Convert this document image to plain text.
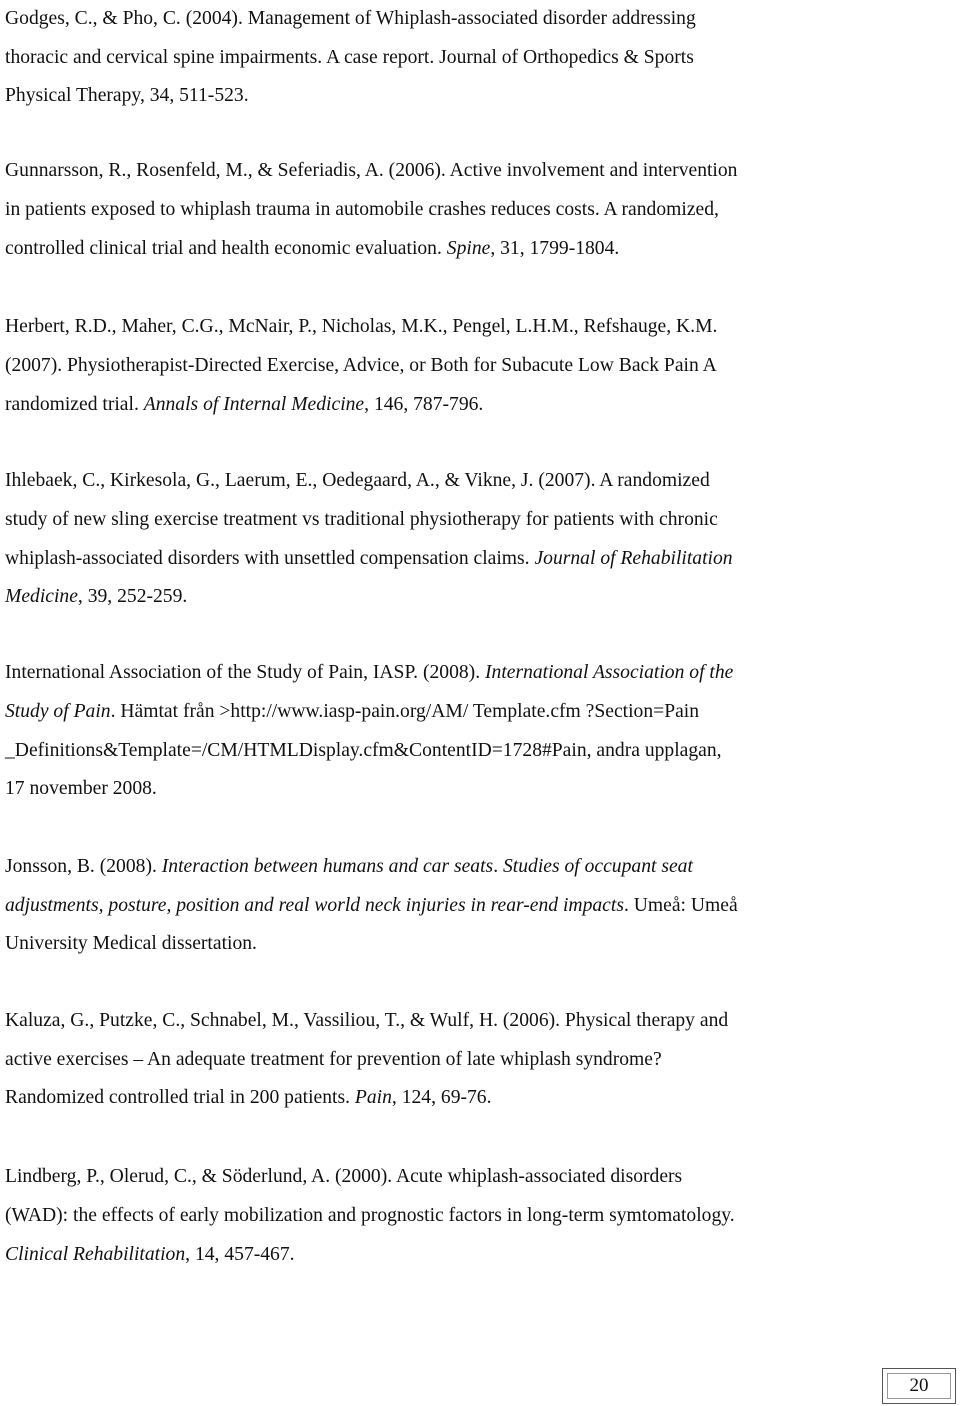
Godges, C., & Pho, C. (2004). Management of Whiplash-associated disorder addressing
thoracic and cervical spine impairments. A case report. Journal of Orthopedics & Sports
Physical Therapy, 34, 511-523.

Gunnarsson, R., Rosenfeld, M., & Seferiadis, A. (2006). Active involvement and intervention
in patients exposed to whiplash trauma in automobile crashes reduces costs. A randomized,
controlled clinical trial and health economic evaluation. Spine, 31, 1799-1804.

Herbert, R.D., Maher, C.G., McNair, P., Nicholas, M.K., Pengel, L.H.M., Refshauge, K.M.
(2007). Physiotherapist-Directed Exercise, Advice, or Both for Subacute Low Back Pain A
randomized trial. Annals of Internal Medicine, 146, 787-796.

Ihlebaek, C., Kirkesola, G., Laerum, E., Oedegaard, A., & Vikne, J. (2007). A randomized
study of new sling exercise treatment vs traditional physiotherapy for patients with chronic
whiplash-associated disorders with unsettled compensation claims. Journal of Rehabilitation
Medicine, 39, 252-259.

International Association of the Study of Pain, IASP. (2008). International Association of the
Study of Pain. Hämtat från >http://www.iasp-pain.org/AM/ Template.cfm ?Section=Pain
_Definitions&Template=/CM/HTMLDisplay.cfm&ContentID=1728#Pain, andra upplagan,
17 november 2008.

Jonsson, B. (2008). Interaction between humans and car seats. Studies of occupant seat
adjustments, posture, position and real world neck injuries in rear-end impacts. Umeå: Umeå
University Medical dissertation.

Kaluza, G., Putzke, C., Schnabel, M., Vassiliou, T., & Wulf, H. (2006). Physical therapy and
active exercises – An adequate treatment for prevention of late whiplash syndrome?
Randomized controlled trial in 200 patients. Pain, 124, 69-76.

Lindberg, P., Olerud, C., & Söderlund, A. (2000). Acute whiplash-associated disorders
(WAD): the effects of early mobilization and prognostic factors in long-term symtomatology.
Clinical Rehabilitation, 14, 457-467.

20
